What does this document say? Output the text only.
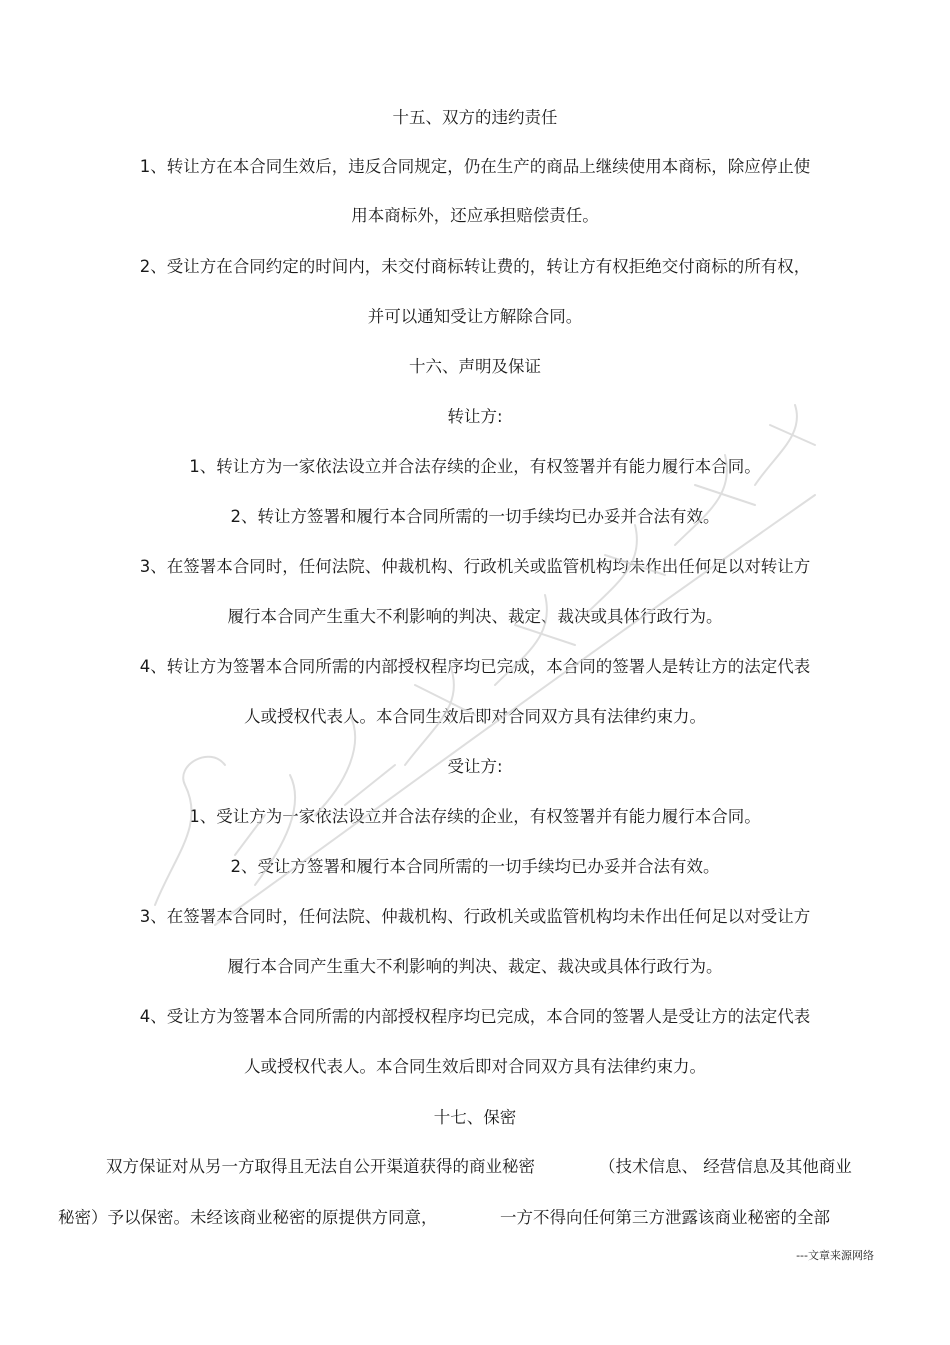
十五、双方的违约责任
1、转让方在本合同生效后，违反合同规定，仍在生产的商品上继续使用本商标，除应停止使
用本商标外，还应承担赔偿责任。
2、受让方在合同约定的时间内，未交付商标转让费的，转让方有权拒绝交付商标的所有权，
并可以通知受让方解除合同。
十六、声明及保证
转让方:
1、转让方为一家依法设立并合法存续的企业，有权签署并有能力履行本合同。
2、转让方签署和履行本合同所需的一切手续均已办妥并合法有效。
3、在签署本合同时，任何法院、仲裁机构、行政机关或监管机构均未作出任何足以对转让方
履行本合同产生重大不利影响的判决、裁定、裁决或具体行政行为。
4、转让方为签署本合同所需的内部授权程序均已完成，本合同的签署人是转让方的法定代表
人或授权代表人。本合同生效后即对合同双方具有法律约束力。
受让方:
1、受让方为一家依法设立并合法存续的企业，有权签署并有能力履行本合同。
2、受让方签署和履行本合同所需的一切手续均已办妥并合法有效。
3、在签署本合同时，任何法院、仲裁机构、行政机关或监管机构均未作出任何足以对受让方
履行本合同产生重大不利影响的判决、裁定、裁决或具体行政行为。
4、受让方为签署本合同所需的内部授权程序均已完成，本合同的签署人是受让方的法定代表
人或授权代表人。本合同生效后即对合同双方具有法律约束力。
十七、保密
双方保证对从另一方取得且无法自公开渠道获得的商业秘密	（技术信息、 经营信息及其他商业
秘密）予以保密。未经该商业秘密的原提供方同意，	一方不得向任何第三方泄露该商业秘密的全部
---文章来源网络
